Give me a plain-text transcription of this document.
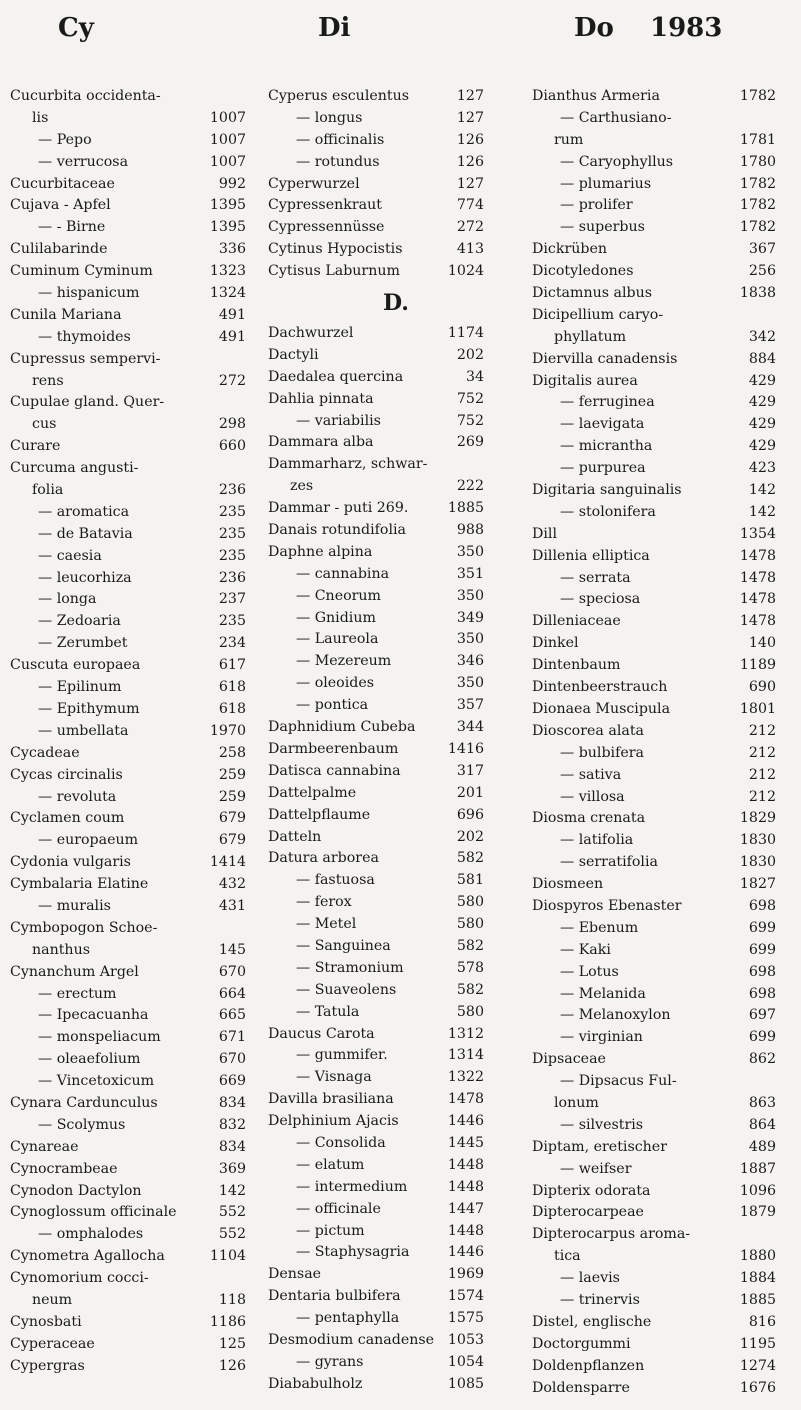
Cy	Di	Do 1983
Cucurbita occidenta-
lis	1007
— Pepo	1007
— verrucosa	1007
Cucurbitaceae	992
Cujava - Apfel	1395
— - Birne	1395
Culilabarinde	336
Cuminum Cyminum	1323
— hispanicum	1324
Cunila Mariana	491
— thymoides	491
Cupressus sempervi-
rens	272
Cupulae gland. Quer-
cus	298
Curare	660
Curcuma angusti-
folia	236
— aromatica	235
— de Batavia	235
— caesia	235
— leucorhiza	236
— longa	237
— Zedoaria	235
— Zerumbet	234
Cuscuta europaea	617
— Epilinum	618
— Epithymum	618
— umbellata	1970
Cycadeae	258
Cycas circinalis	259
— revoluta	259
Cyclamen coum	679
— europaeum	679
Cydonia vulgaris	1414
Cymbalaria Elatine	432
— muralis	431
Cymbopogon Schoe-
nanthus	145
Cynanchum Argel	670
— erectum	664
— Ipecacuanha	665
— monspeliacum	671
— oleaefolium	670
— Vincetoxicum	669
Cynara Cardunculus	834
— Scolymus	832
Cynareae	834
Cynocrambeae	369
Cynodon Dactylon	142
Cynoglossum officinale	552
— omphalodes	552
Cynometra Agallocha	1104
Cynomorium cocci-
neum	118
Cynosbati	1186
Cyperaceae	125
Cypergras	126
Cyperus esculentus	127
— longus	127
— officinalis	126
— rotundus	126
Cyperwurzel	127
Cypressenkraut	774
Cypressennüsse	272
Cytinus Hypocistis	413
Cytisus Laburnum	1024
D.
Dachwurzel	1174
Dactyli	202
Daedalea quercina	34
Dahlia pinnata	752
— variabilis	752
Dammara alba	269
Dammarharz, schwar-
zes	222
Dammar - puti 269.	1885
Danais rotundifolia	988
Daphne alpina	350
— cannabina	351
— Cneorum	350
— Gnidium	349
— Laureola	350
— Mezereum	346
— oleoides	350
— pontica	357
Daphnidium Cubeba	344
Darmbeerenbaum	1416
Datisca cannabina	317
Dattelpalme	201
Dattelpflaume	696
Datteln	202
Datura arborea	582
— fastuosa	581
— ferox	580
— Metel	580
— Sanguinea	582
— Stramonium	578
— Suaveolens	582
— Tatula	580
Daucus Carota	1312
— gummifer.	1314
— Visnaga	1322
Davilla brasiliana	1478
Delphinium Ajacis	1446
— Consolida	1445
— elatum	1448
— intermedium	1448
— officinale	1447
— pictum	1448
— Staphysagria	1446
Densae	1969
Dentaria bulbifera	1574
— pentaphylla	1575
Desmodium canadense 1053
— gyrans	1054
Diababulholz	1085
Dianthus Armeria	1782
— Carthusiano-
rum	1781
— Caryophyllus	1780
— plumarius	1782
— prolifer	1782
— superbus	1782
Dickrüben	367
Dicotyledones	256
Dictamnus albus	1838
Dicipellium caryo-
phyllatum	342
Diervilla canadensis	884
Digitalis aurea	429
— ferruginea	429
— laevigata	429
— micrantha	429
— purpurea	423
Digitaria sanguinalis	142
— stolonifera	142
Dill	1354
Dillenia elliptica	1478
— serrata	1478
— speciosa	1478
Dilleniaceae	1478
Dinkel	140
Dintenbaum	1189
Dintenbeerstrauch	690
Dionaea Muscipula	1801
Dioscorea alata	212
— bulbifera	212
— sativa	212
— villosa	212
Diosma crenata	1829
— latifolia	1830
— serratifolia	1830
Diosmeen	1827
Diospyros Ebenaster	698
— Ebenum	699
— Kaki	699
— Lotus	698
— Melanida	698
— Melanoxylon	697
— virginian	699
Dipsaceae	862
— Dipsacus Ful-
lonum	863
— silvestris	864
Diptam, eretischer	489
— weifser	1887
Dipterix odorata	1096
Dipterocarpeae	1879
Dipterocarpus aroma-
tica	1880
— laevis	1884
— trinervis	1885
Distel, englische	816
Doctorgummi	1195
Doldenpflanzen	1274
Doldensparre	1676
